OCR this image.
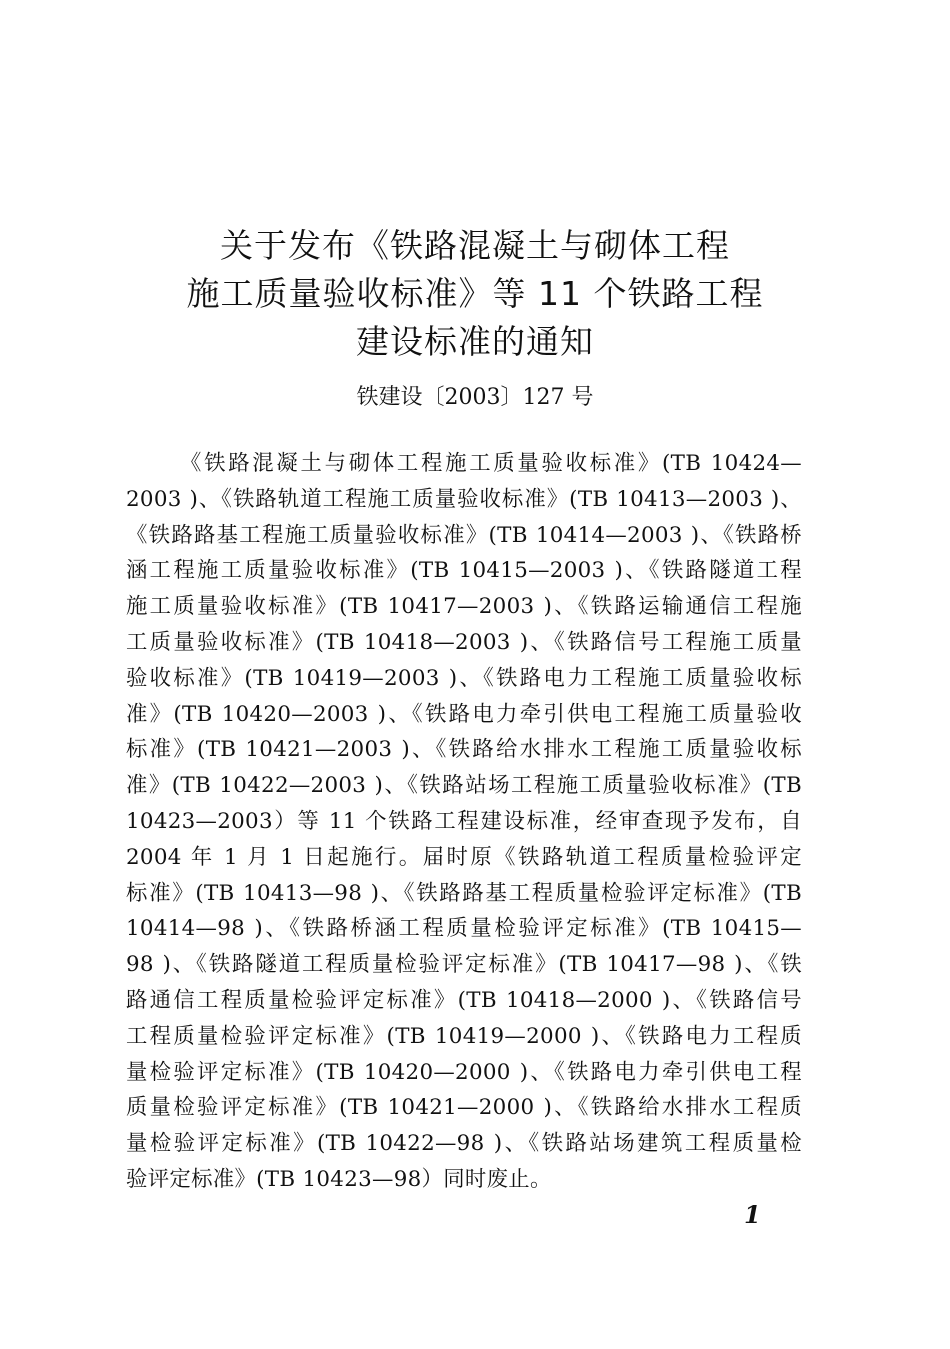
关于发布《铁路混凝土与砌体工程
施工质量验收标准》等 11 个铁路工程
建设标准的通知
铁建设〔2003〕127 号
《铁路混凝土与砌体工程施工质量验收标准》(TB 10424—
2003 )、《铁路轨道工程施工质量验收标准》(TB 10413—2003 )、
《铁路路基工程施工质量验收标准》(TB 10414—2003 )、《铁路桥
涵工程施工质量验收标准》(TB 10415—2003 )、《铁路隧道工程
施工质量验收标准》(TB 10417—2003 )、《铁路运输通信工程施
工质量验收标准》(TB 10418—2003 )、《铁路信号工程施工质量
验收标准》(TB 10419—2003 )、《铁路电力工程施工质量验收标
准》(TB 10420—2003 )、《铁路电力牵引供电工程施工质量验收
标准》(TB 10421—2003 )、《铁路给水排水工程施工质量验收标
准》(TB 10422—2003 )、《铁路站场工程施工质量验收标准》(TB
10423—2003）等 11 个铁路工程建设标准，经审查现予发布，自
2004 年 1 月 1 日起施行。届时原《铁路轨道工程质量检验评定
标准》(TB 10413—98 )、《铁路路基工程质量检验评定标准》(TB
10414—98 )、《铁路桥涵工程质量检验评定标准》(TB 10415—
98 )、《铁路隧道工程质量检验评定标准》(TB 10417—98 )、《铁
路通信工程质量检验评定标准》(TB 10418—2000 )、《铁路信号
工程质量检验评定标准》(TB 10419—2000 )、《铁路电力工程质
量检验评定标准》(TB 10420—2000 )、《铁路电力牵引供电工程
质量检验评定标准》(TB 10421—2000 )、《铁路给水排水工程质
量检验评定标准》(TB 10422—98 )、《铁路站场建筑工程质量检
验评定标准》(TB 10423—98）同时废止。
1
